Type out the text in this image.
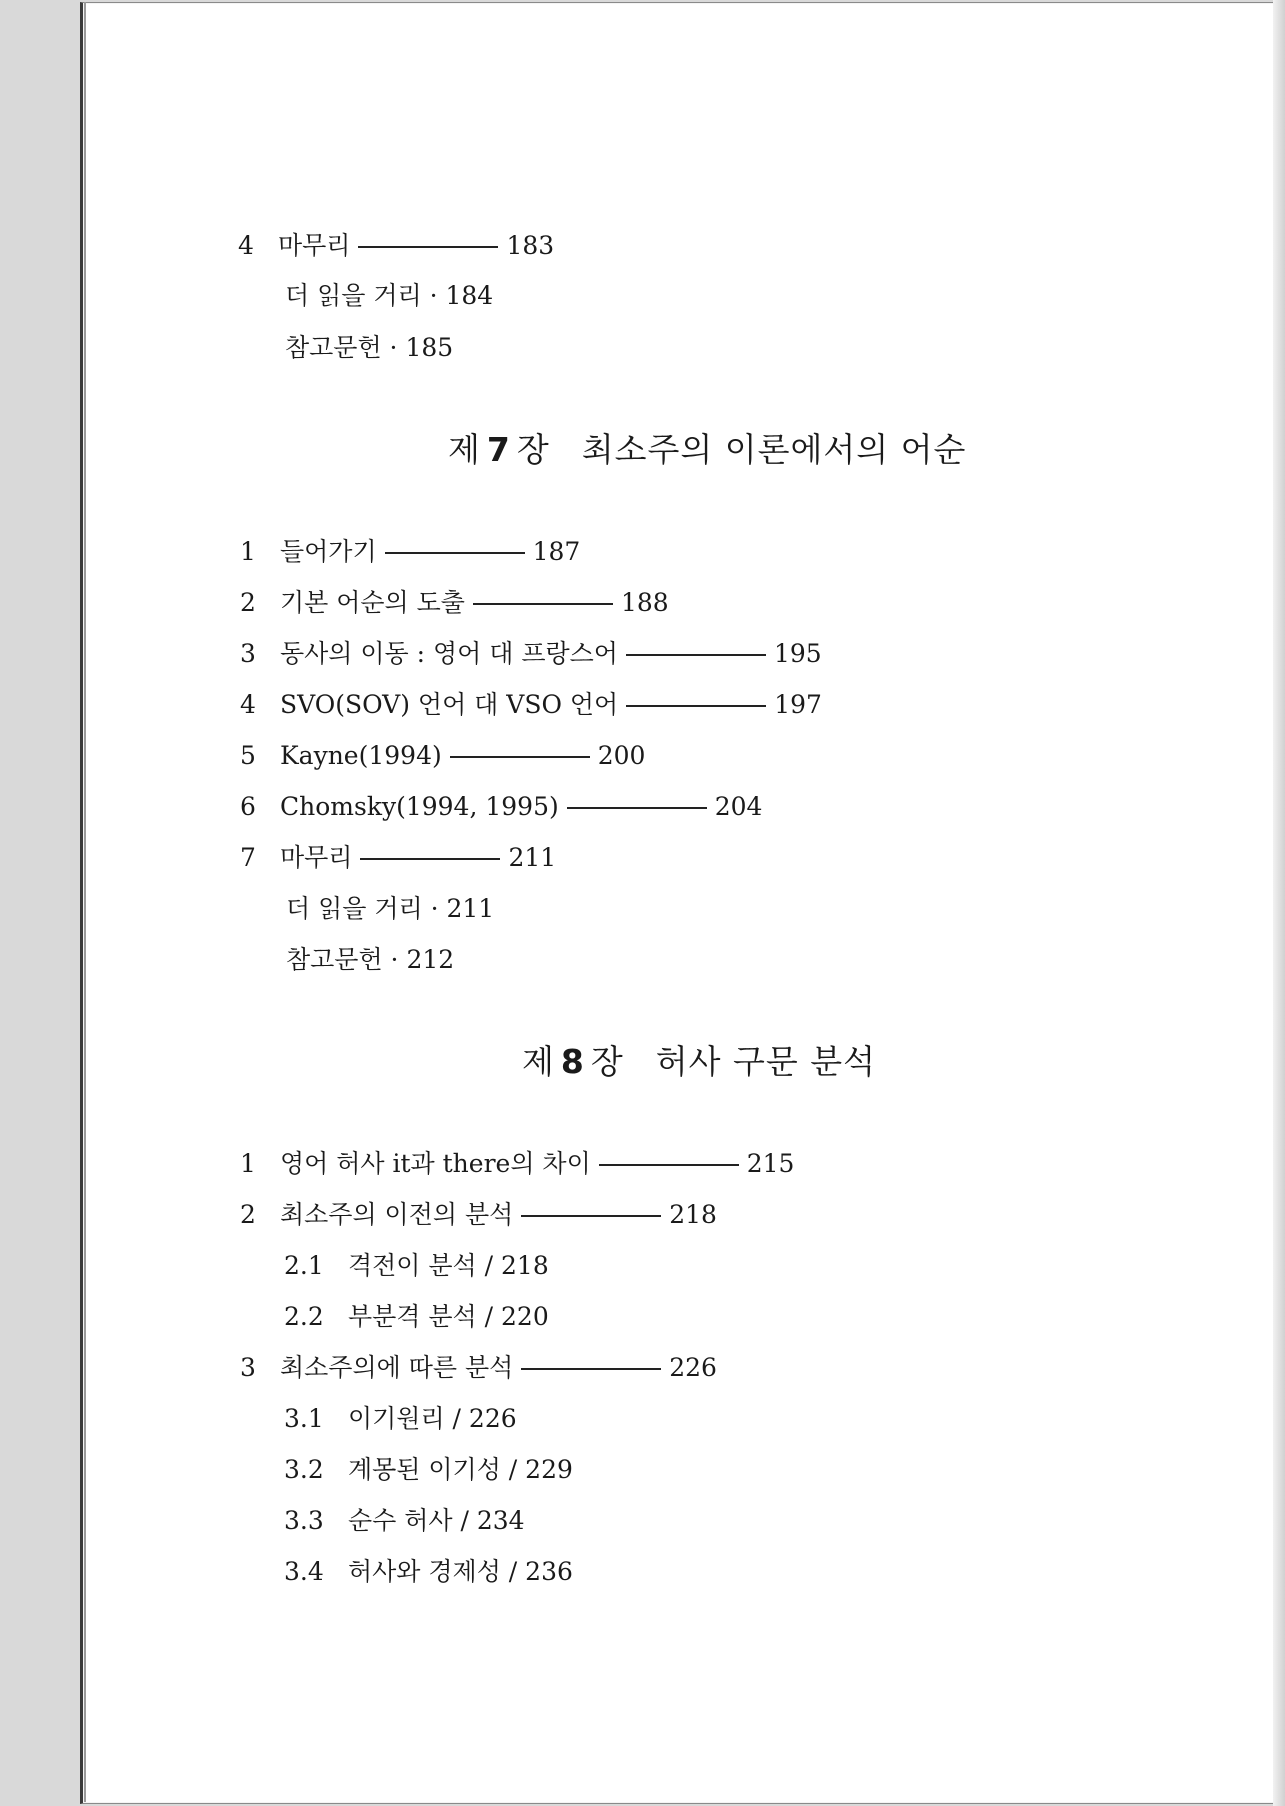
4 마무리	183
더 읽을 거리 · 184
참고문헌 · 185
제 7 장 최소주의 이론에서의 어순
1 들어가기	187
2 기본 어순의 도출	188
3 동사의 이동 : 영어 대 프랑스어	195
4 SVO(SOV) 언어 대 VSO 언어	197
5 Kayne(1994)	200
6 Chomsky(1994, 1995)	204
7 마무리	211
더 읽을 거리 · 211
참고문헌 · 212
제 8 장 허사 구문 분석
1 영어 허사 it과 there의 차이	215
2 최소주의 이전의 분석	218
2.1 격전이 분석 / 218
2.2 부분격 분석 / 220
3 최소주의에 따른 분석	226
3.1 이기원리 / 226
3.2 계몽된 이기성 / 229
3.3 순수 허사 / 234
3.4 허사와 경제성 / 236
